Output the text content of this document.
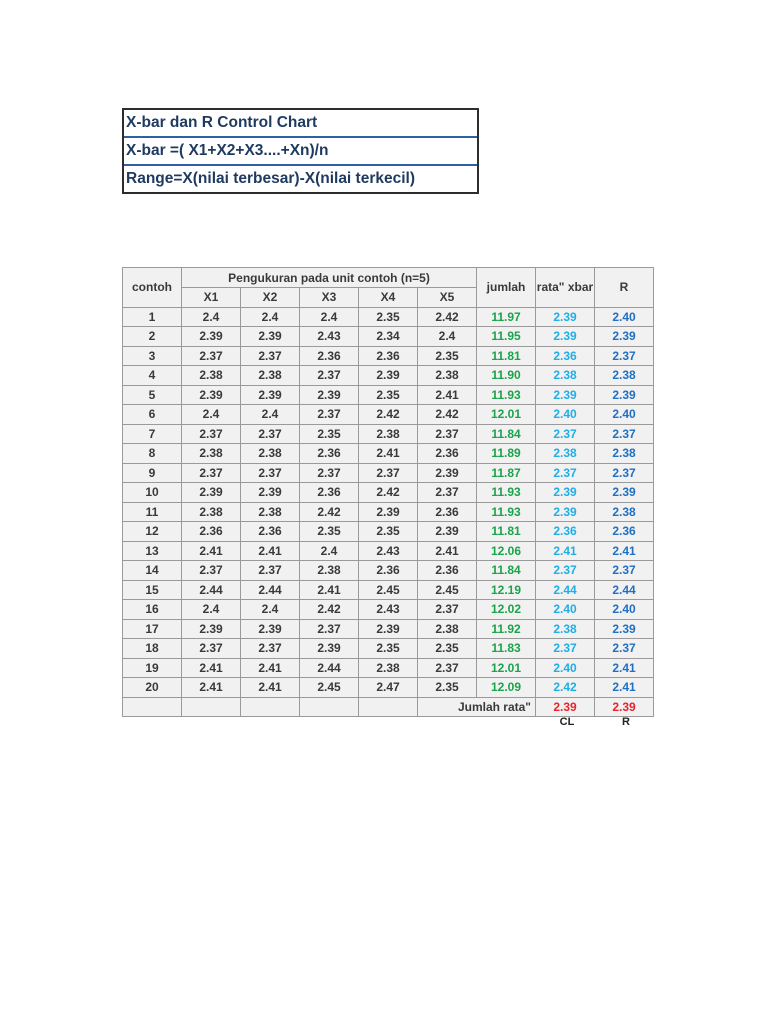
X-bar dan R Control Chart
X-bar =( X1+X2+X3....+Xn)/n
Range=X(nilai terbesar)-X(nilai terkecil)
contoh	Pengukuran pada unit contoh (n=5)					jumlah	rata" xbar	R
	X1	X2	X3	X4	X5			
1	2.4	2.4	2.4	2.35	2.42	11.97	2.39	2.40
2	2.39	2.39	2.43	2.34	2.4	11.95	2.39	2.39
3	2.37	2.37	2.36	2.36	2.35	11.81	2.36	2.37
4	2.38	2.38	2.37	2.39	2.38	11.90	2.38	2.38
5	2.39	2.39	2.39	2.35	2.41	11.93	2.39	2.39
6	2.4	2.4	2.37	2.42	2.42	12.01	2.40	2.40
7	2.37	2.37	2.35	2.38	2.37	11.84	2.37	2.37
8	2.38	2.38	2.36	2.41	2.36	11.89	2.38	2.38
9	2.37	2.37	2.37	2.37	2.39	11.87	2.37	2.37
10	2.39	2.39	2.36	2.42	2.37	11.93	2.39	2.39
11	2.38	2.38	2.42	2.39	2.36	11.93	2.39	2.38
12	2.36	2.36	2.35	2.35	2.39	11.81	2.36	2.36
13	2.41	2.41	2.4	2.43	2.41	12.06	2.41	2.41
14	2.37	2.37	2.38	2.36	2.36	11.84	2.37	2.37
15	2.44	2.44	2.41	2.45	2.45	12.19	2.44	2.44
16	2.4	2.4	2.42	2.43	2.37	12.02	2.40	2.40
17	2.39	2.39	2.37	2.39	2.38	11.92	2.38	2.39
18	2.37	2.37	2.39	2.35	2.35	11.83	2.37	2.37
19	2.41	2.41	2.44	2.38	2.37	12.01	2.40	2.41
20	2.41	2.41	2.45	2.47	2.35	12.09	2.42	2.41
					Jumlah rata"		2.39	2.39
CL	R
